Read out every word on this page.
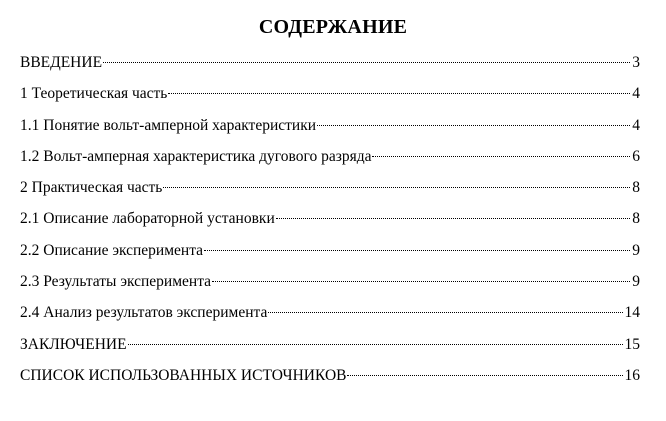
СОДЕРЖАНИЕ
ВВЕДЕНИЕ	3
1 Теоретическая часть	4
1.1 Понятие вольт-амперной характеристики	4
1.2 Вольт-амперная характеристика дугового разряда	6
2 Практическая часть	8
2.1 Описание лабораторной установки	8
2.2 Описание эксперимента	9
2.3 Результаты эксперимента	9
2.4 Анализ результатов эксперимента	14
ЗАКЛЮЧЕНИЕ	15
СПИСОК ИСПОЛЬЗОВАННЫХ ИСТОЧНИКОВ	16
